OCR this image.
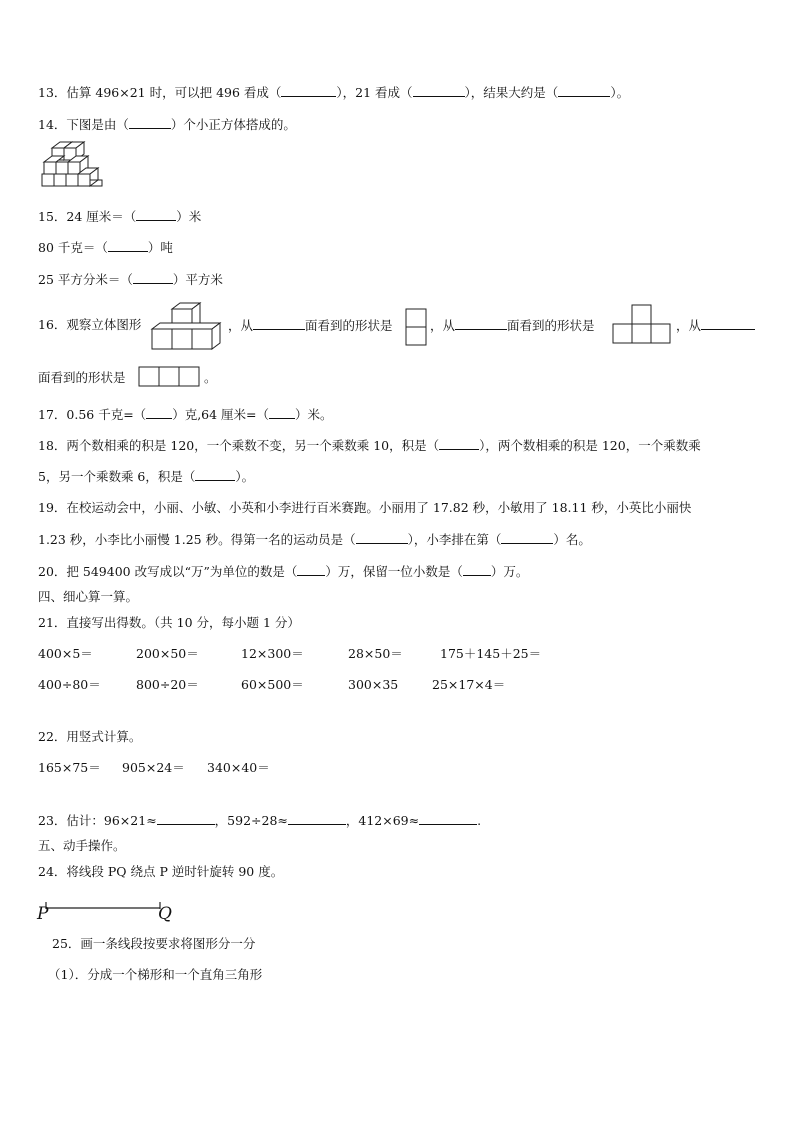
13．估算 496×21 时，可以把 496 看成（	），21 看成（	），结果大约是（	）。
14．下图是由（	）个小正方体搭成的。
15．24 厘米＝（	）米
80 千克＝（	）吨
25 平方分米＝（	）平方米
16．观察立体图形	，从	面看到的形状是	，从	面看到的形状是	，从
面看到的形状是	。
17．0.56 千克=（ ）克,64 厘米=（ ）米。
18．两个数相乘的积是 120，一个乘数不变，另一个乘数乘 10，积是（	），两个数相乘的积是 120，一个乘数乘
5，另一个乘数乘 6，积是（	）。
19．在校运动会中，小丽、小敏、小英和小李进行百米赛跑。小丽用了 17.82 秒，小敏用了 18.11 秒，小英比小丽快
1.23 秒，小李比小丽慢 1.25 秒。得第一名的运动员是（	），小李排在第（	）名。
20．把 549400 改写成以“万”为单位的数是（ ）万，保留一位小数是（ ）万。
四、细心算一算。
21．直接写出得数。（共 10 分，每小题 1 分）
400×5＝	200×50＝	12×300＝	28×50＝	175＋145＋25＝
400÷80＝	800÷20＝	60×500＝	300×35	25×17×4＝
22．用竖式计算。
165×75＝ 905×24＝ 340×40＝
23．估计：96×21≈	，592÷28≈	，412×69≈	.
五、动手操作。
24．将线段 PQ 绕点 P 逆时针旋转 90 度。
P	Q
25．画一条线段按要求将图形分一分
（1）．分成一个梯形和一个直角三角形
